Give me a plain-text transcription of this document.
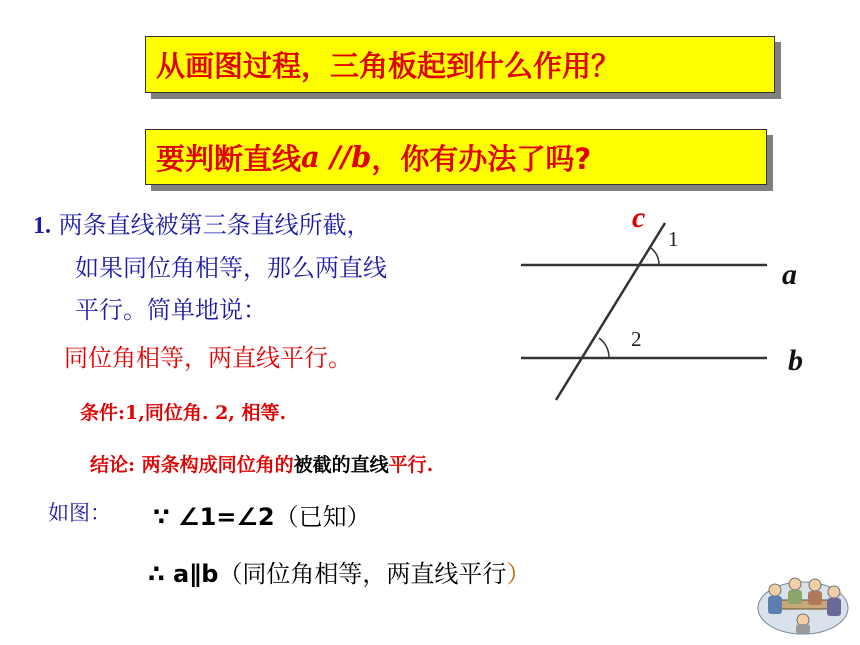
从画图过程，三角板起到什么作用？
要判断直线 a //b ，你有办法了吗?
1. 两条直线被第三条直线所截，
如果同位角相等，那么两直线
平行。简单地说：
同位角相等，两直线平行。
条件:1,同位角. 2, 相等.
结论: 两条构成同位角的被截的直线平行.
如图： ∵ ∠1=∠2（已知）
∴ a∥b（同位角相等，两直线平行）
c
1
a
2
b
